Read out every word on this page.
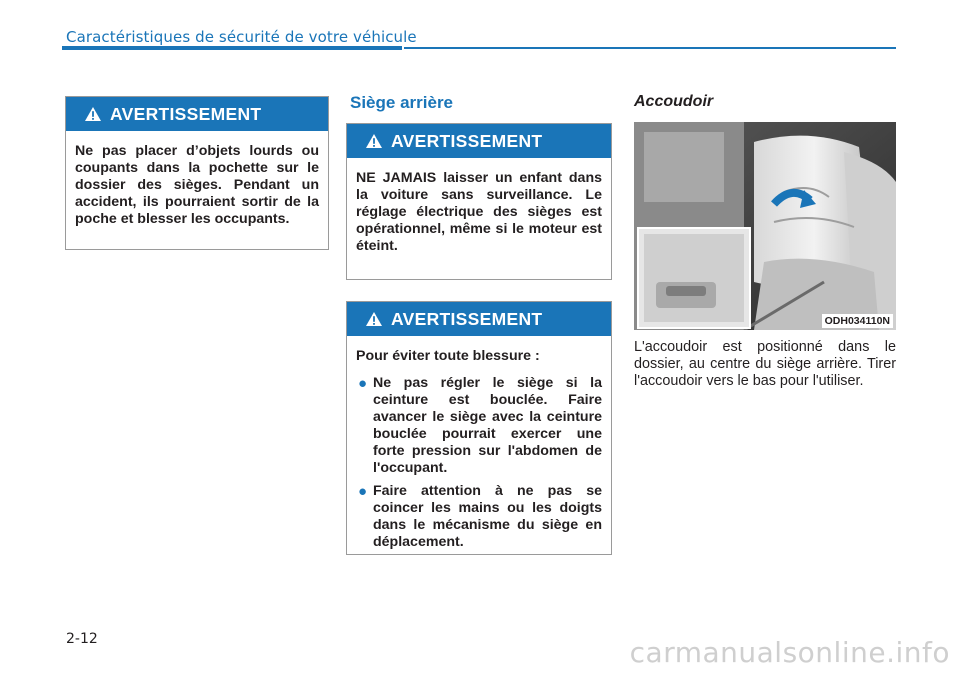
Caractéristiques de sécurité de votre véhicule
AVERTISSEMENT

Ne pas placer d’objets lourds ou coupants dans la pochette sur le dossier des sièges. Pendant un accident, ils pourraient sortir de la poche et blesser les occupants.

Siège arrière
AVERTISSEMENT

NE JAMAIS laisser un enfant dans la voiture sans surveillance. Le réglage électrique des sièges est opérationnel, même si le moteur est éteint.

AVERTISSEMENT

Pour éviter toute blessure :

● Ne pas régler le siège si la ceinture est bouclée. Faire avancer le siège avec la ceinture bouclée pourrait exercer une forte pression sur l'abdomen de l'occupant.
● Faire attention à ne pas se coincer les mains ou les doigts dans le mécanisme du siège en déplacement.
Accoudoir
ODH034110N
L'accoudoir est positionné dans le dossier, au centre du siège arrière. Tirer l'accoudoir vers le bas pour l'utiliser.
2-12	carmanualsonline.info
